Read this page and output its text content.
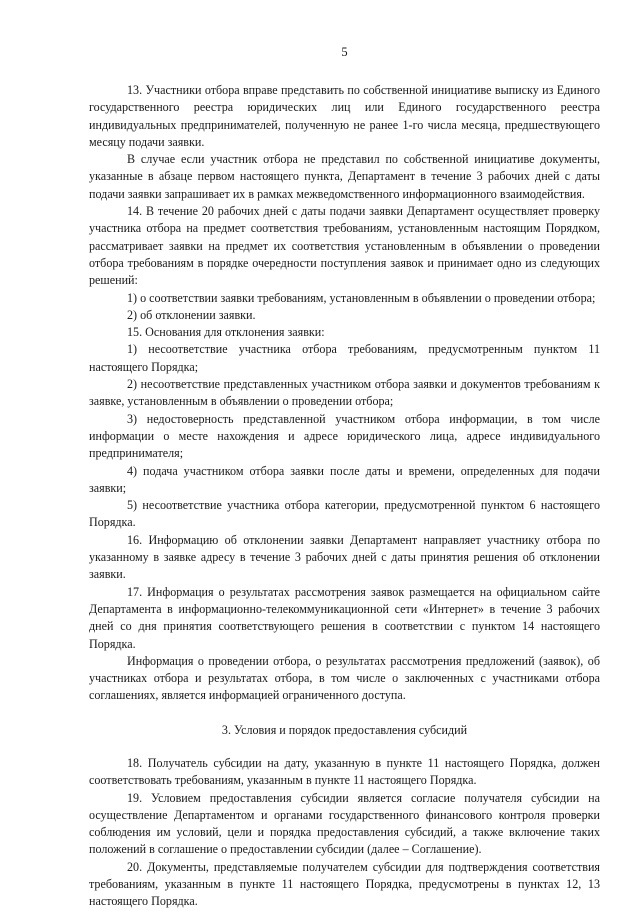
5

13. Участники отбора вправе представить по собственной инициативе выписку из Единого государственного реестра юридических лиц или Единого государственного реестра индивидуальных предпринимателей, полученную не ранее 1-го числа месяца, предшествующего месяцу подачи заявки.

В случае если участник отбора не представил по собственной инициативе документы, указанные в абзаце первом настоящего пункта, Департамент в течение 3 рабочих дней с даты подачи заявки запрашивает их в рамках межведомственного информационного взаимодействия.

14. В течение 20 рабочих дней с даты подачи заявки Департамент осуществляет проверку участника отбора на предмет соответствия требованиям, установленным настоящим Порядком, рассматривает заявки на предмет их соответствия установленным в объявлении о проведении отбора требованиям в порядке очередности поступления заявок и принимает одно из следующих решений:

1) о соответствии заявки требованиям, установленным в объявлении о проведении отбора;

2) об отклонении заявки.

15. Основания для отклонения заявки:

1) несоответствие участника отбора требованиям, предусмотренным пунктом 11 настоящего Порядка;

2) несоответствие представленных участником отбора заявки и документов требованиям к заявке, установленным в объявлении о проведении отбора;

3) недостоверность представленной участником отбора информации, в том числе информации о месте нахождения и адресе юридического лица, адресе индивидуального предпринимателя;

4) подача участником отбора заявки после даты и времени, определенных для подачи заявки;

5) несоответствие участника отбора категории, предусмотренной пунктом 6 настоящего Порядка.

16. Информацию об отклонении заявки Департамент направляет участнику отбора по указанному в заявке адресу в течение 3 рабочих дней с даты принятия решения об отклонении заявки.

17. Информация о результатах рассмотрения заявок размещается на официальном сайте Департамента в информационно-телекоммуникационной сети «Интернет» в течение 3 рабочих дней со дня принятия соответствующего решения в соответствии с пунктом 14 настоящего Порядка.

Информация о проведении отбора, о результатах рассмотрения предложений (заявок), об участниках отбора и результатах отбора, в том числе о заключенных с участниками отбора соглашениях, является информацией ограниченного доступа.

3. Условия и порядок предоставления субсидий

18. Получатель субсидии на дату, указанную в пункте 11 настоящего Порядка, должен соответствовать требованиям, указанным в пункте 11 настоящего Порядка.

19. Условием предоставления субсидии является согласие получателя субсидии на осуществление Департаментом и органами государственного финансового контроля проверки соблюдения им условий, цели и порядка предоставления субсидий, а также включение таких положений в соглашение о предоставлении субсидии (далее – Соглашение).

20. Документы, представляемые получателем субсидии для подтверждения соответствия требованиям, указанным в пункте 11 настоящего Порядка, предусмотрены в пунктах 12, 13 настоящего Порядка.
